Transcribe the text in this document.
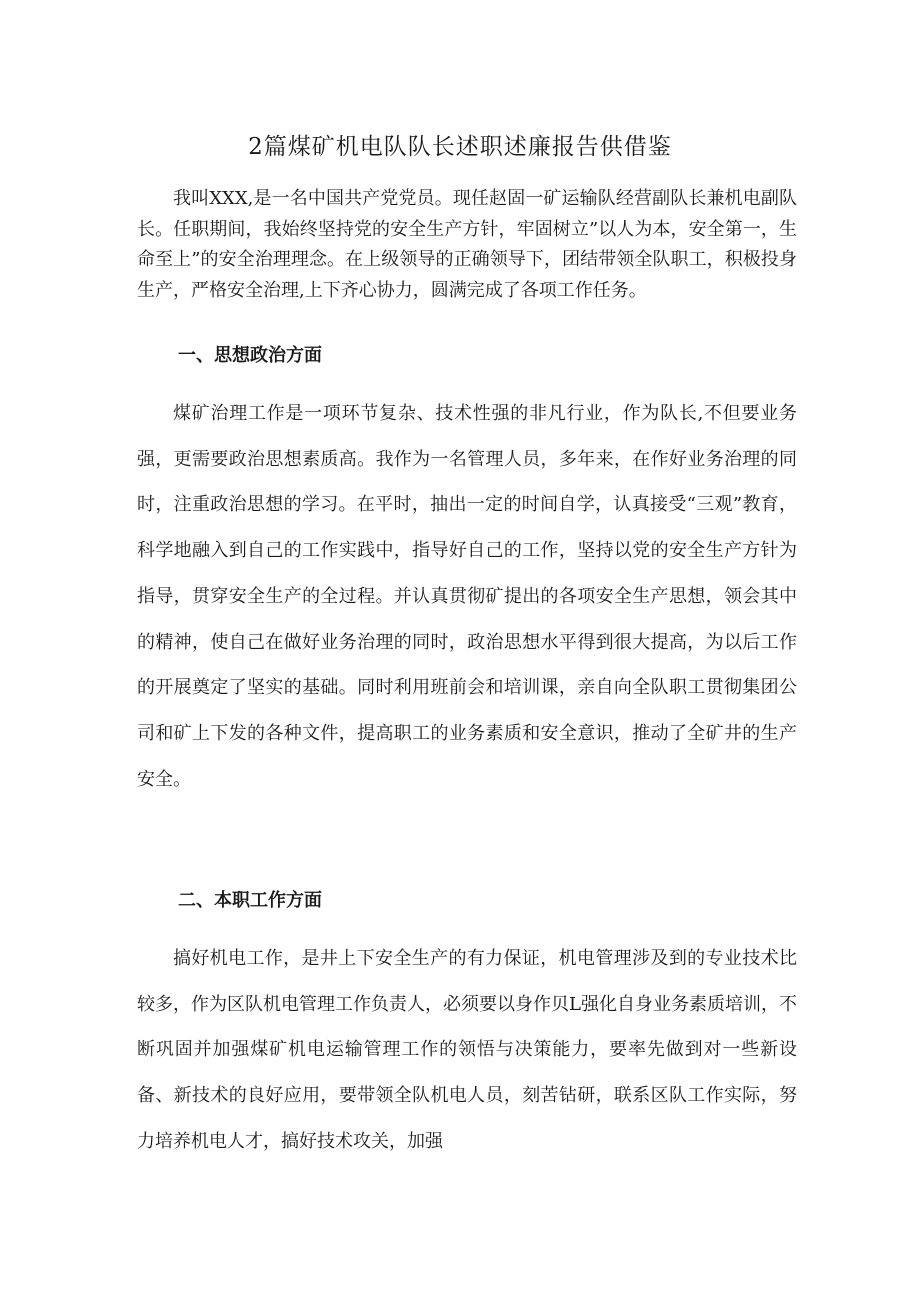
2篇煤矿机电队队长述职述廉报告供借鉴

我叫XXX,是一名中国共产党党员。现任赵固一矿运输队经营副队长兼机电副队长。任职期间，我始终坚持党的安全生产方针，牢固树立”以人为本，安全第一，生命至上”的安全治理理念。在上级领导的正确领导下，团结带领全队职工，积极投身生产，严格安全治理,上下齐心协力，圆满完成了各项工作任务。

一、思想政治方面

煤矿治理工作是一项环节复杂、技术性强的非凡行业，作为队长,不但要业务强，更需要政治思想素质高。我作为一名管理人员，多年来，在作好业务治理的同时，注重政治思想的学习。在平时，抽出一定的时间自学，认真接受“三观”教育，科学地融入到自己的工作实践中，指导好自己的工作，坚持以党的安全生产方针为指导，贯穿安全生产的全过程。并认真贯彻矿提出的各项安全生产思想，领会其中的精神，使自己在做好业务治理的同时，政治思想水平得到很大提高，为以后工作的开展奠定了坚实的基础。同时利用班前会和培训课，亲自向全队职工贯彻集团公司和矿上下发的各种文件，提高职工的业务素质和安全意识，推动了全矿井的生产安全。

二、本职工作方面

搞好机电工作，是井上下安全生产的有力保证，机电管理涉及到的专业技术比较多，作为区队机电管理工作负责人，必须要以身作贝L强化自身业务素质培训，不断巩固并加强煤矿机电运输管理工作的领悟与决策能力，要率先做到对一些新设备、新技术的良好应用，要带领全队机电人员，刻苦钻研，联系区队工作实际，努力培养机电人才，搞好技术攻关，加强
